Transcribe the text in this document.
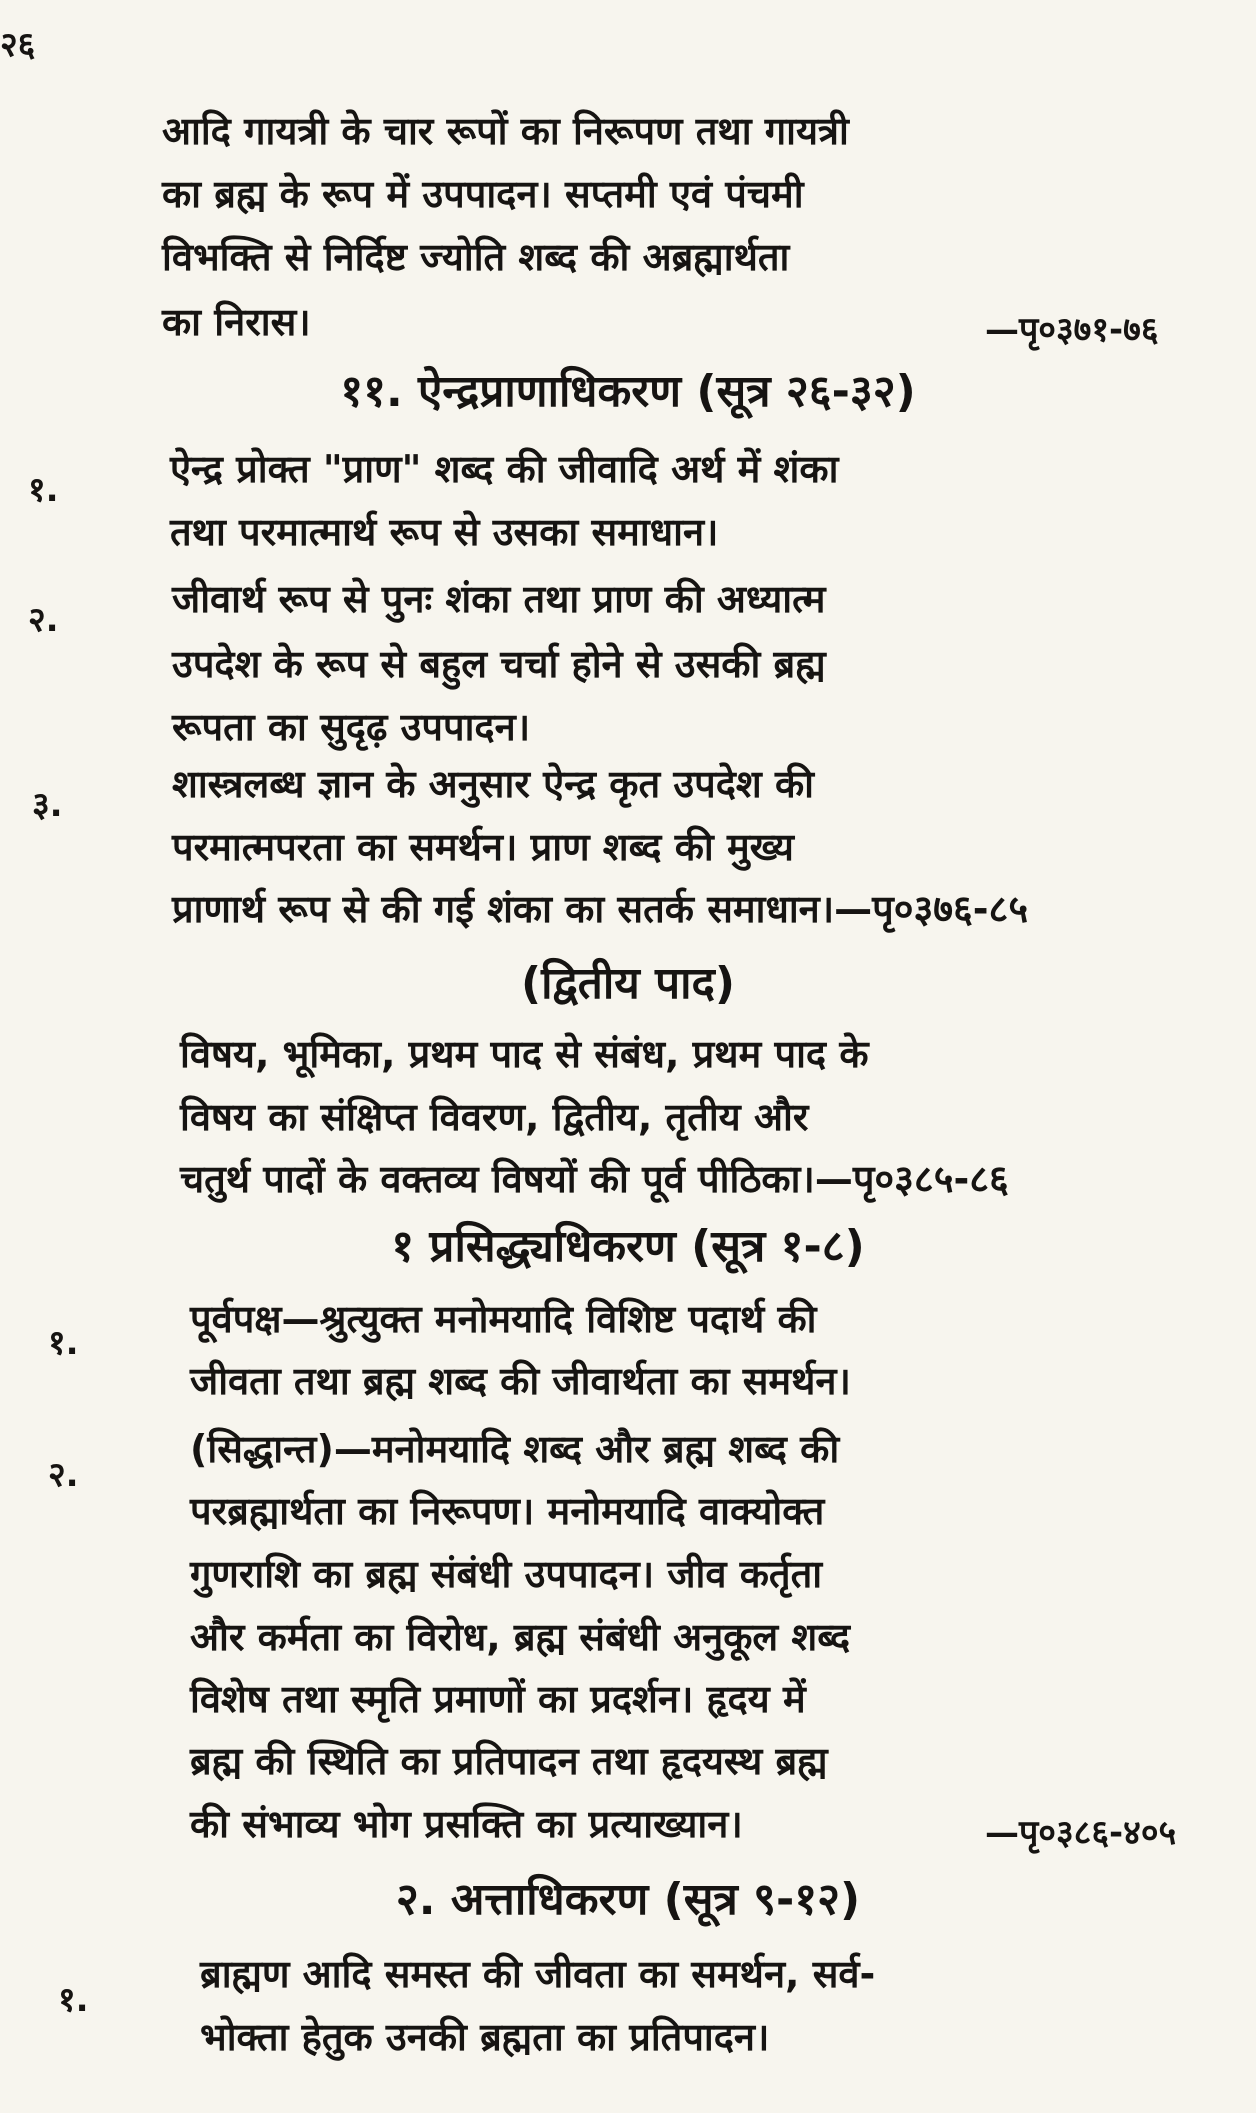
२६
आदि गायत्री के चार रूपों का निरूपण तथा गायत्री
का ब्रह्म के रूप में उपपादन। सप्तमी एवं पंचमी
विभक्ति से निर्दिष्ट ज्योति शब्द की अब्रह्मार्थता
का निरास।	—पृ०३७१-७६
११. ऐन्द्रप्राणाधिकरण (सूत्र २६-३२)
१.	ऐन्द्र प्रोक्त "प्राण" शब्द की जीवादि अर्थ में शंका
तथा परमात्मार्थ रूप से उसका समाधान।
२.	जीवार्थ रूप से पुनः शंका तथा प्राण की अध्यात्म
उपदेश के रूप से बहुल चर्चा होने से उसकी ब्रह्म
रूपता का सुदृढ़ उपपादन।
३.	शास्त्रलब्ध ज्ञान के अनुसार ऐन्द्र कृत उपदेश की
परमात्मपरता का समर्थन। प्राण शब्द की मुख्य
प्राणार्थ रूप से की गई शंका का सतर्क समाधान।—पृ०३७६-८५
(द्वितीय पाद)
विषय, भूमिका, प्रथम पाद से संबंध, प्रथम पाद के
विषय का संक्षिप्त विवरण, द्वितीय, तृतीय और
चतुर्थ पादों के वक्तव्य विषयों की पूर्व पीठिका।—पृ०३८५-८६
१ प्रसिद्ध्यधिकरण (सूत्र १-८)
१.
पूर्वपक्ष—श्रुत्युक्त मनोमयादि विशिष्ट पदार्थ की
जीवता तथा ब्रह्म शब्द की जीवार्थता का समर्थन।
२.
(सिद्धान्त)—मनोमयादि शब्द और ब्रह्म शब्द की
परब्रह्मार्थता का निरूपण। मनोमयादि वाक्योक्त
गुणराशि का ब्रह्म संबंधी उपपादन। जीव कर्तृता
और कर्मता का विरोध, ब्रह्म संबंधी अनुकूल शब्द
विशेष तथा स्मृति प्रमाणों का प्रदर्शन। हृदय में
ब्रह्म की स्थिति का प्रतिपादन तथा हृदयस्थ ब्रह्म
की संभाव्य भोग प्रसक्ति का प्रत्याख्यान।	—पृ०३८६-४०५
२. अत्ताधिकरण (सूत्र ९-१२)
१.
ब्राह्मण आदि समस्त की जीवता का समर्थन, सर्व-
भोक्ता हेतुक उनकी ब्रह्मता का प्रतिपादन।
